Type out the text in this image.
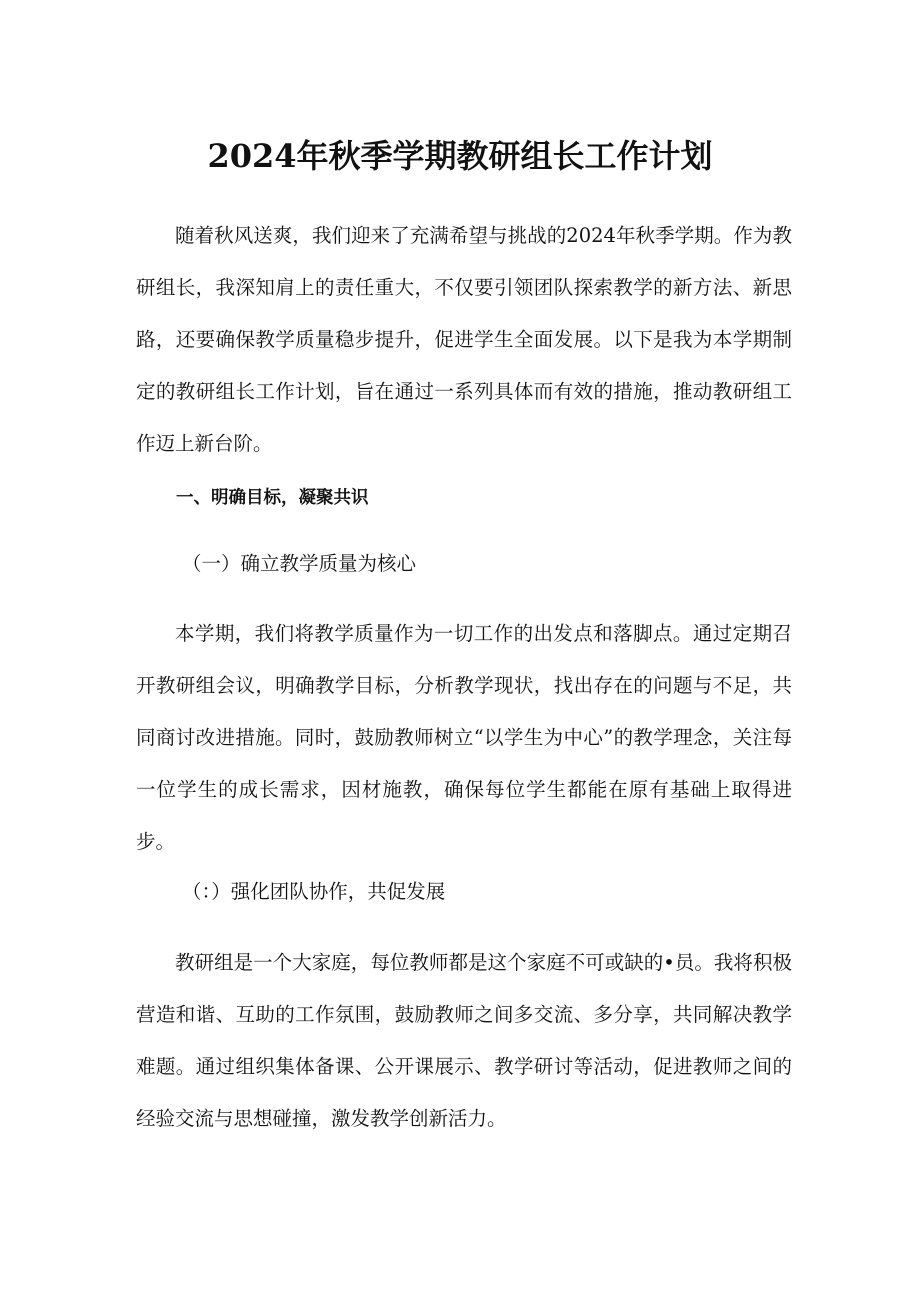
2024年秋季学期教研组长工作计划

随着秋风送爽，我们迎来了充满希望与挑战的2024年秋季学期。作为教研组长，我深知肩上的责任重大，不仅要引领团队探索教学的新方法、新思路，还要确保教学质量稳步提升，促进学生全面发展。以下是我为本学期制定的教研组长工作计划，旨在通过一系列具体而有效的措施，推动教研组工作迈上新台阶。

一、明确目标，凝聚共识
（一）确立教学质量为核心

本学期，我们将教学质量作为一切工作的出发点和落脚点。通过定期召开教研组会议，明确教学目标，分析教学现状，找出存在的问题与不足，共同商讨改进措施。同时，鼓励教师树立“以学生为中心”的教学理念，关注每一位学生的成长需求，因材施教，确保每位学生都能在原有基础上取得进步。

（：）强化团队协作，共促发展

教研组是一个大家庭，每位教师都是这个家庭不可或缺的•员。我将积极营造和谐、互助的工作氛围，鼓励教师之间多交流、多分享，共同解决教学难题。通过组织集体备课、公开课展示、教学研讨等活动，促进教师之间的经验交流与思想碰撞，激发教学创新活力。
